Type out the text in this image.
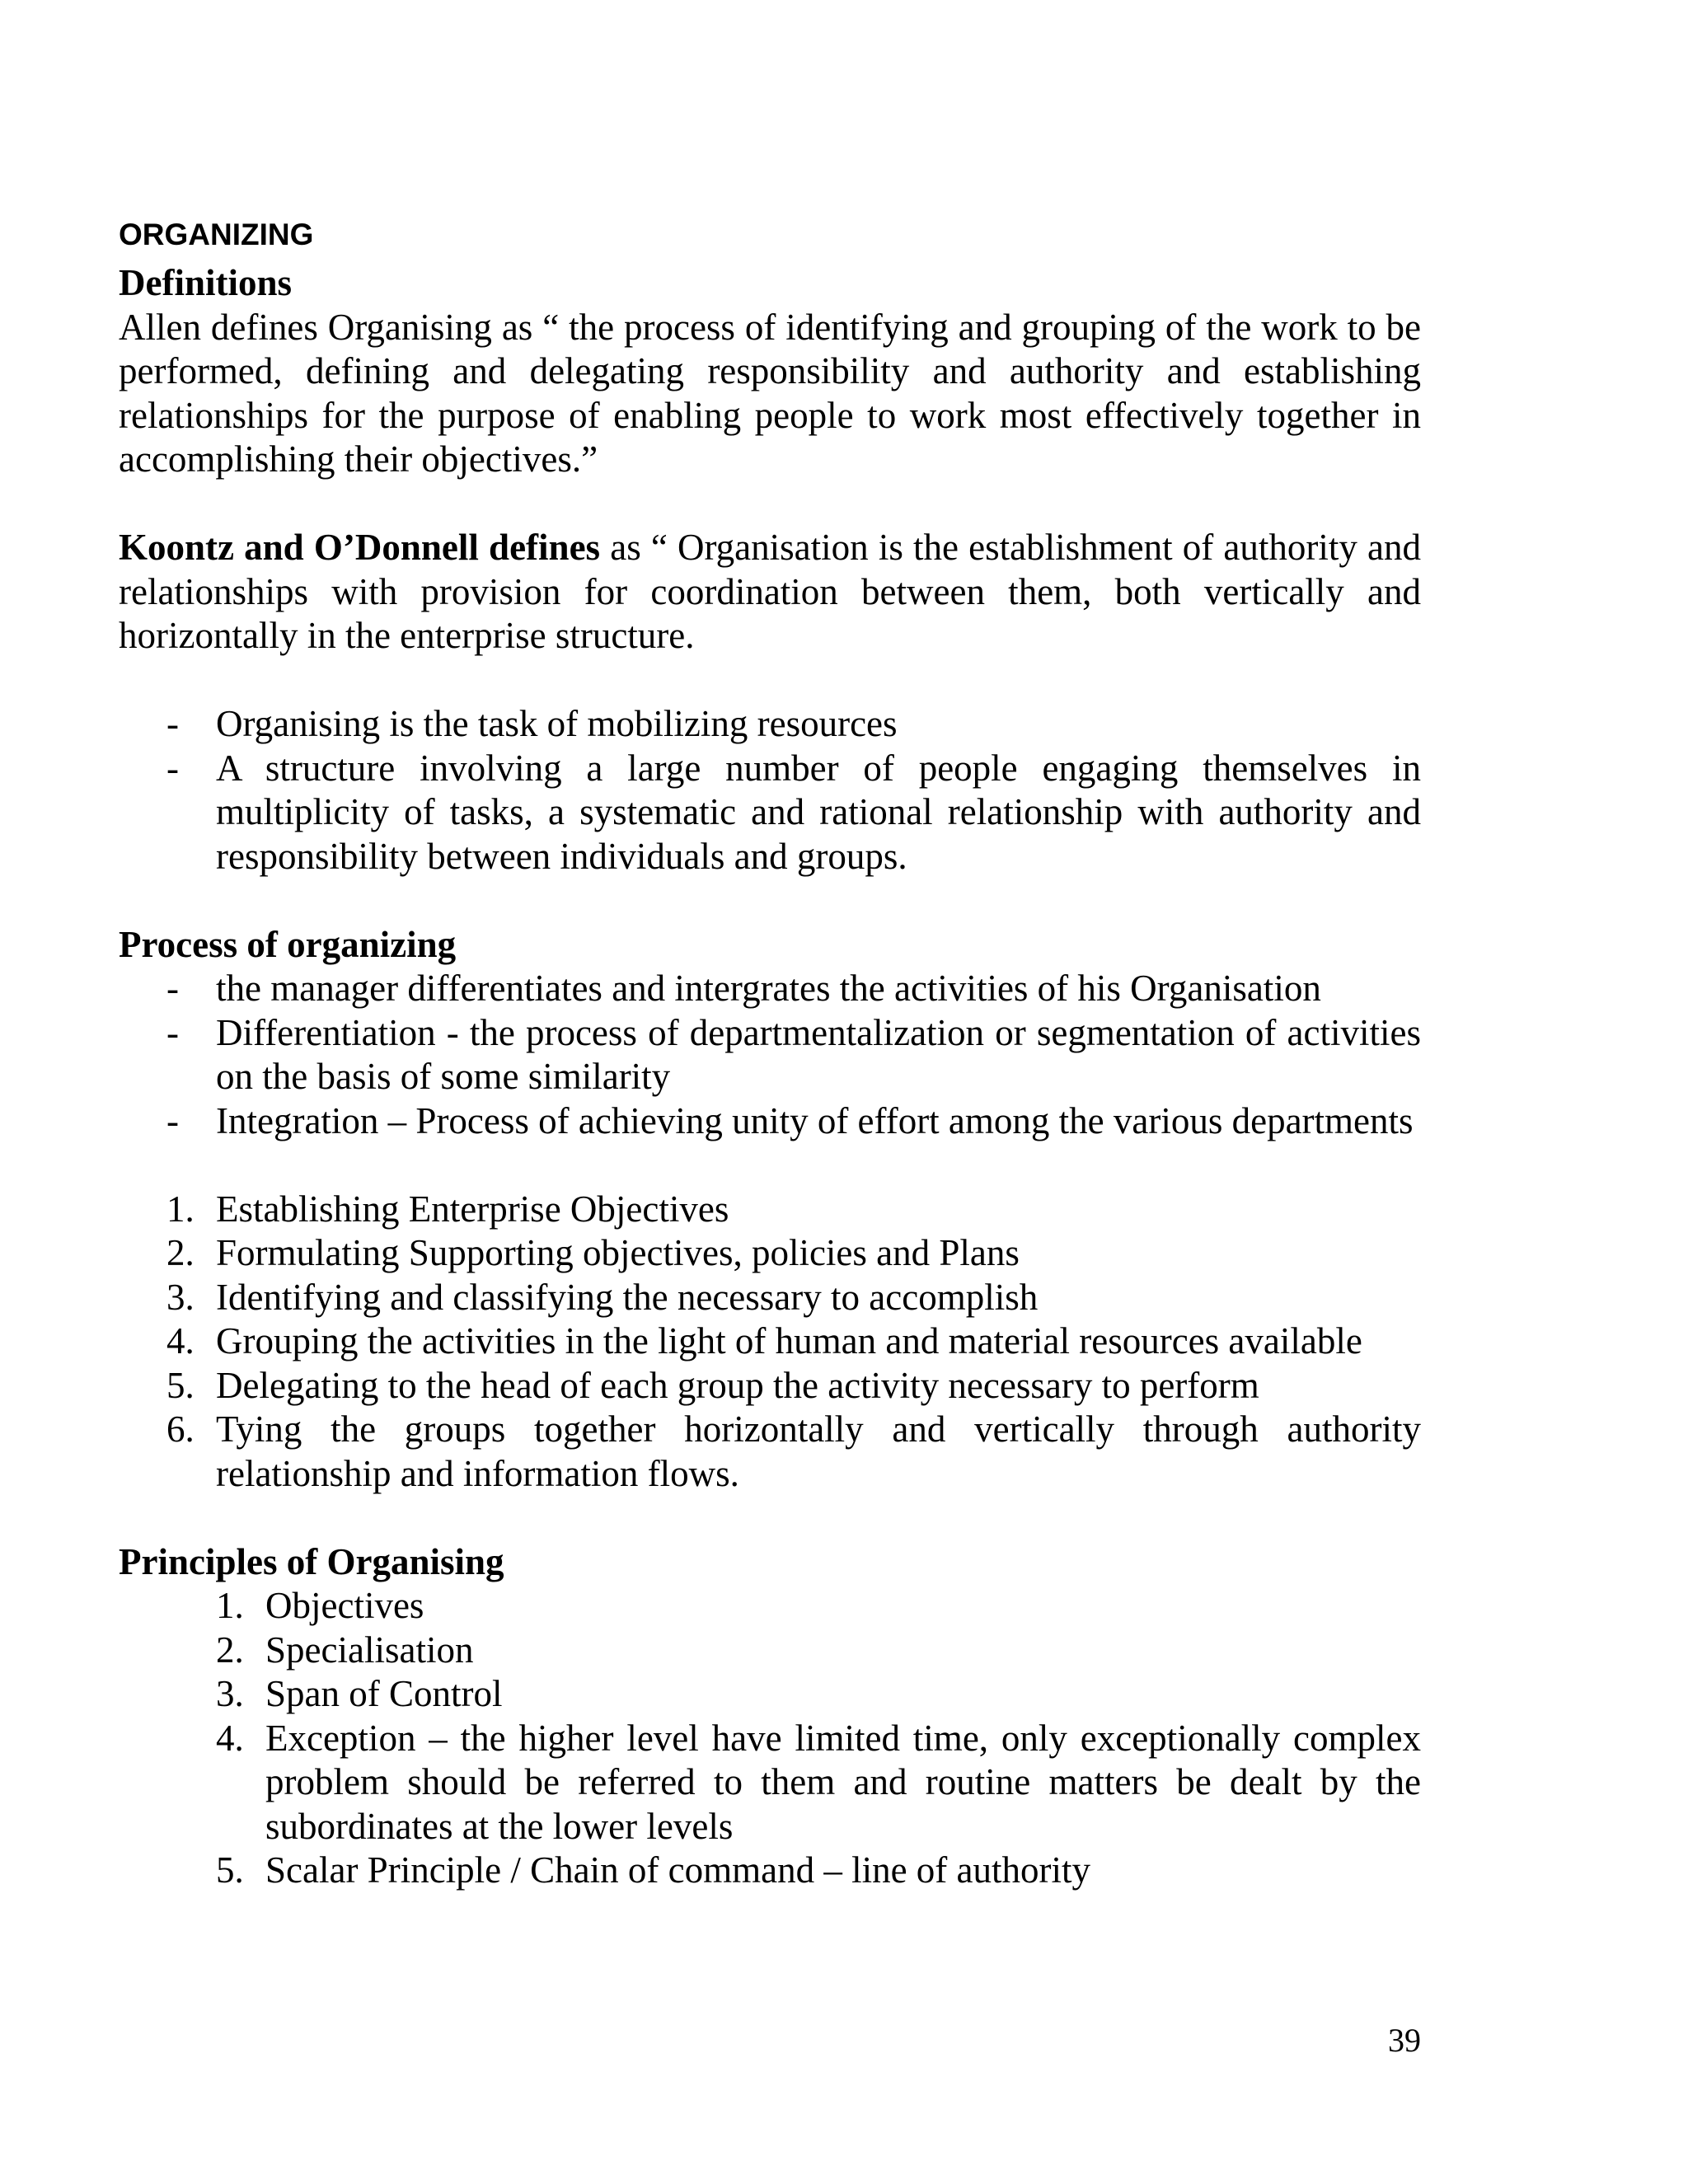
ORGANIZING
Definitions

Allen defines Organising as “ the process of identifying and grouping of the work to be performed, defining and delegating responsibility and authority and establishing relationships for the purpose of enabling people to work most effectively together in accomplishing their objectives.”

Koontz and O’Donnell defines as “ Organisation is the establishment of authority and relationships with provision for coordination between them, both vertically and horizontally in the enterprise structure.

- Organising is the task of mobilizing resources
- A structure involving a large number of people engaging themselves in multiplicity of tasks, a systematic and rational relationship with authority and responsibility between individuals and groups.
Process of organizing
- the manager differentiates and intergrates the activities of his Organisation
- Differentiation - the process of departmentalization or segmentation of activities on the basis of some similarity
- Integration – Process of achieving unity of effort among the various departments
1. Establishing Enterprise Objectives
2. Formulating Supporting objectives, policies and Plans
3. Identifying and classifying the necessary to accomplish
4. Grouping the activities in the light of human and material resources available
5. Delegating to the head of each group the activity necessary to perform
6. Tying the groups together horizontally and vertically through authority relationship and information flows.
Principles of Organising
1. Objectives
2. Specialisation
3. Span of Control
4. Exception – the higher level have limited time, only exceptionally complex problem should be referred to them and routine matters be dealt by the subordinates at the lower levels
5. Scalar Principle / Chain of command – line of authority
39
